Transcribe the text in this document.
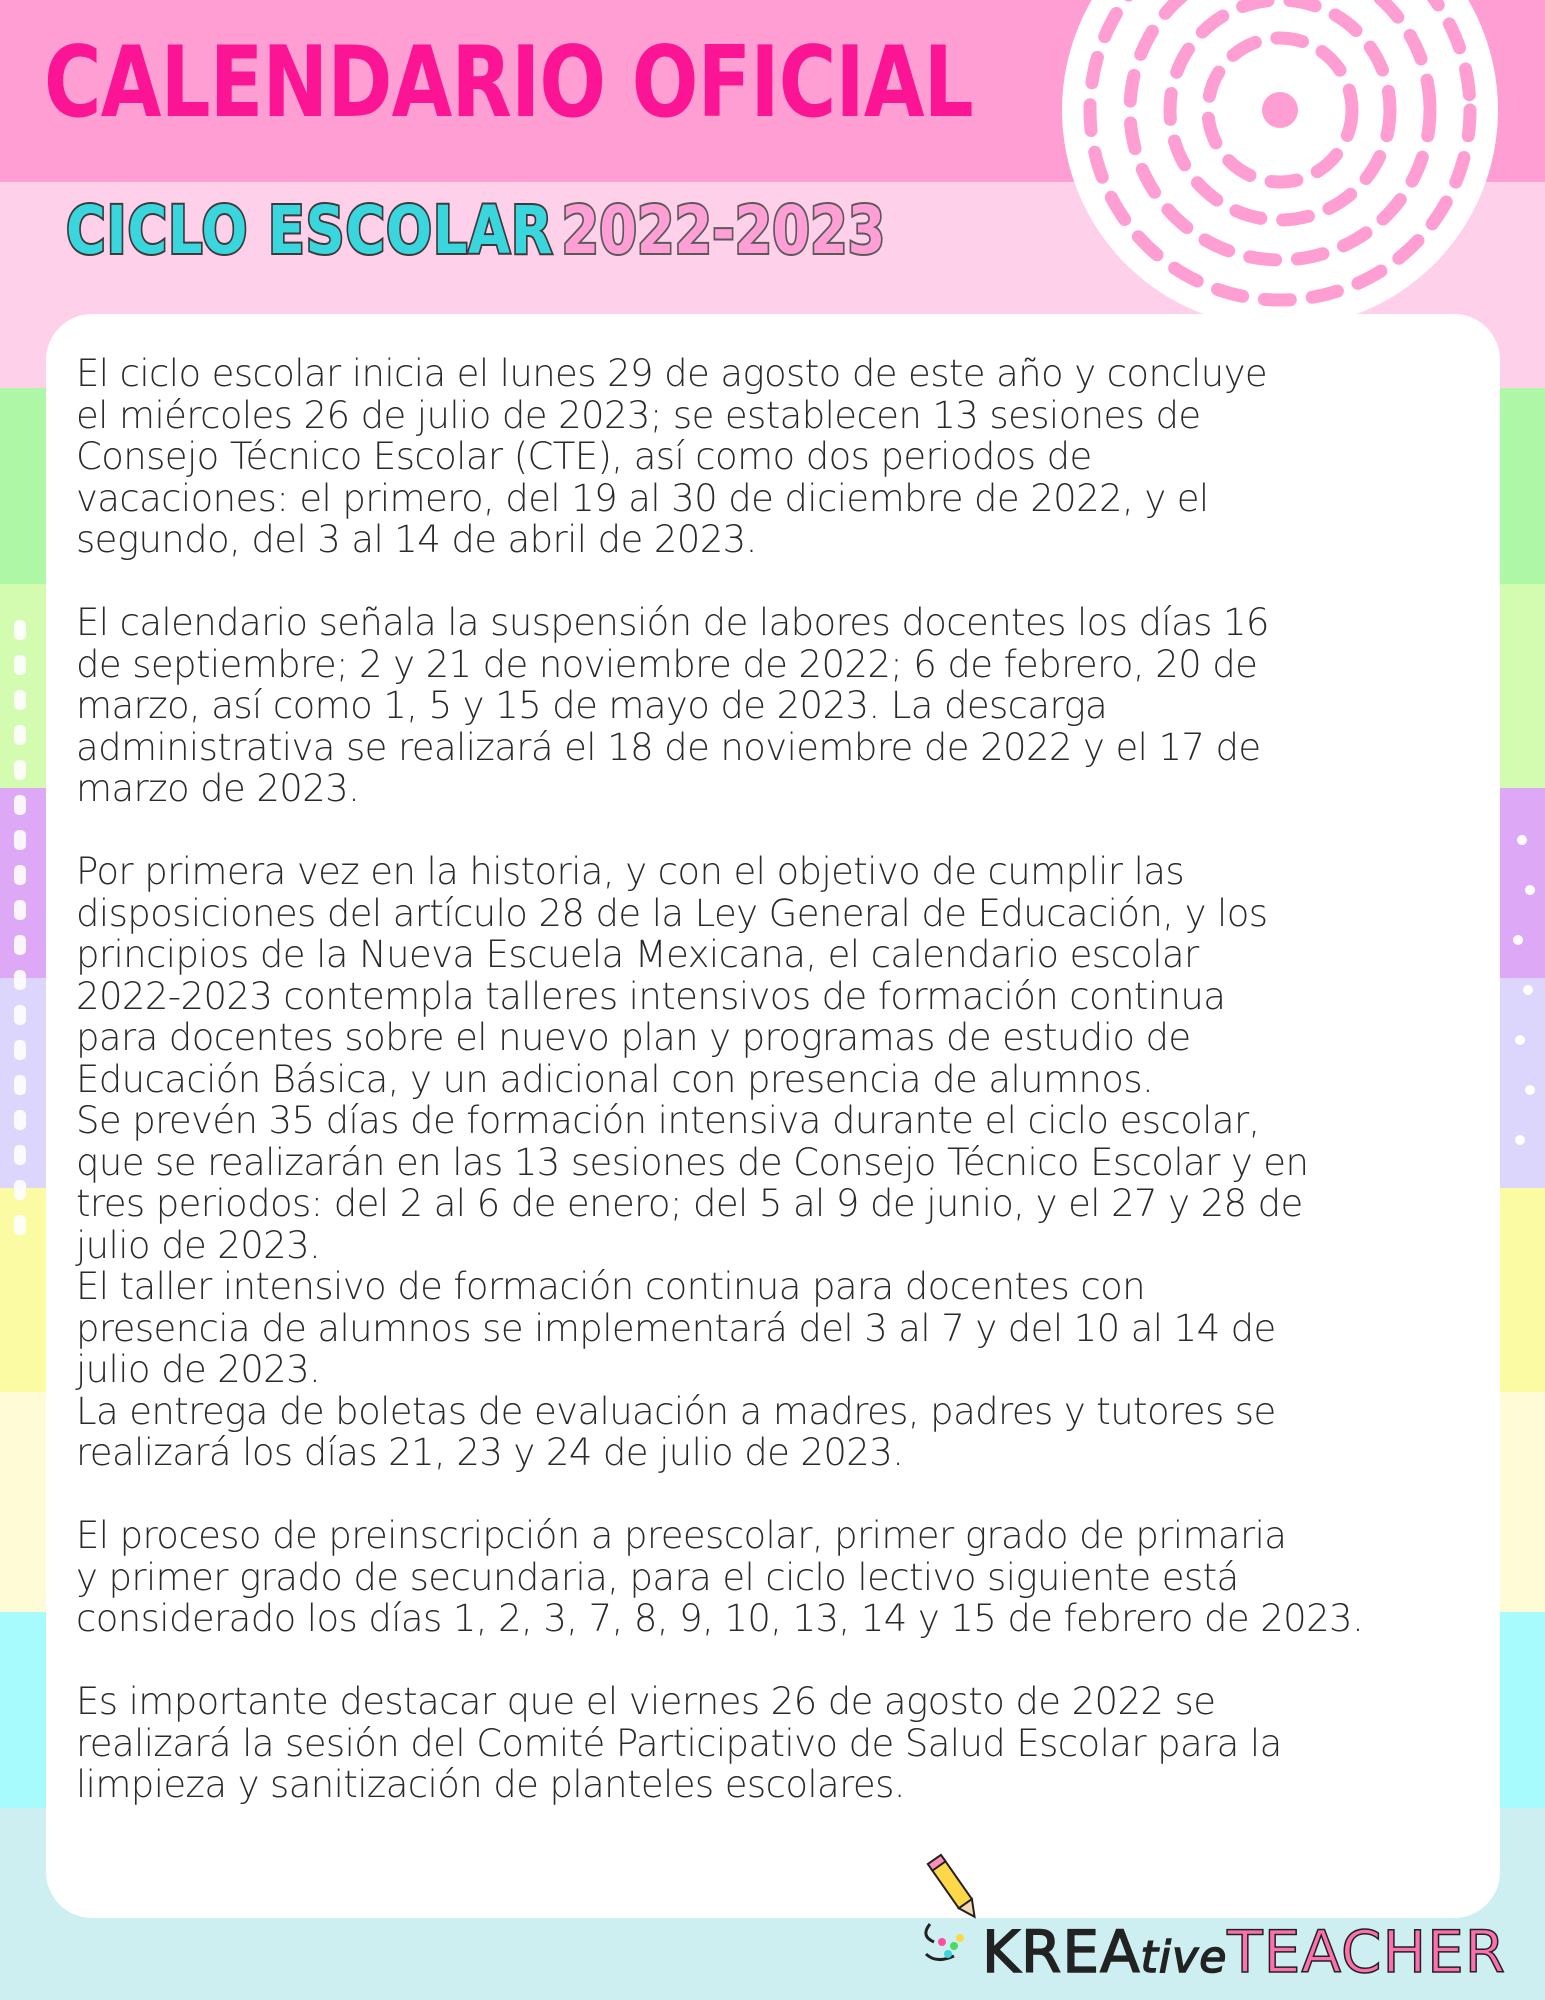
CALENDARIO OFICIAL
CICLO ESCOLAR 2022-2023

El ciclo escolar inicia el lunes 29 de agosto de este año y concluye
el miércoles 26 de julio de 2023; se establecen 13 sesiones de
Consejo Técnico Escolar (CTE), así como dos periodos de
vacaciones: el primero, del 19 al 30 de diciembre de 2022, y el
segundo, del 3 al 14 de abril de 2023.

El calendario señala la suspensión de labores docentes los días 16
de septiembre; 2 y 21 de noviembre de 2022; 6 de febrero, 20 de
marzo, así como 1, 5 y 15 de mayo de 2023. La descarga
administrativa se realizará el 18 de noviembre de 2022 y el 17 de
marzo de 2023.

Por primera vez en la historia, y con el objetivo de cumplir las
disposiciones del artículo 28 de la Ley General de Educación, y los
principios de la Nueva Escuela Mexicana, el calendario escolar
2022-2023 contempla talleres intensivos de formación continua
para docentes sobre el nuevo plan y programas de estudio de
Educación Básica, y un adicional con presencia de alumnos.

Se prevén 35 días de formación intensiva durante el ciclo escolar,
que se realizarán en las 13 sesiones de Consejo Técnico Escolar y en
tres periodos: del 2 al 6 de enero; del 5 al 9 de junio, y el 27 y 28 de
julio de 2023.

El taller intensivo de formación continua para docentes con
presencia de alumnos se implementará del 3 al 7 y del 10 al 14 de
julio de 2023.

La entrega de boletas de evaluación a madres, padres y tutores se
realizará los días 21, 23 y 24 de julio de 2023.

El proceso de preinscripción a preescolar, primer grado de primaria
y primer grado de secundaria, para el ciclo lectivo siguiente está
considerado los días 1, 2, 3, 7, 8, 9, 10, 13, 14 y 15 de febrero de 2023.

Es importante destacar que el viernes 26 de agosto de 2022 se
realizará la sesión del Comité Participativo de Salud Escolar para la
limpieza y sanitización de planteles escolares.

KREAtiveTEACHER
